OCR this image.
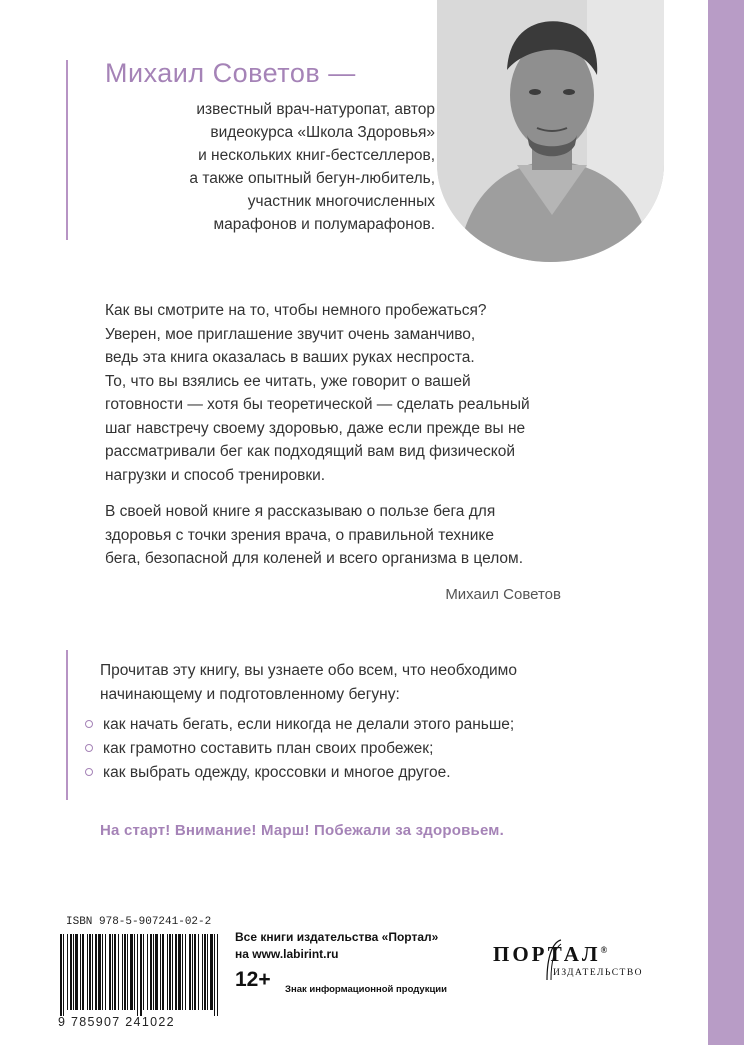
Михаил Советов —
известный врач-натуропат, автор
видеокурса «Школа Здоровья»
и нескольких книг-бестселлеров,
а также опытный бегун-любитель,
участник многочисленных
марафонов и полумарафонов.
Как вы смотрите на то, чтобы немного пробежаться?
Уверен, мое приглашение звучит очень заманчиво,
ведь эта книга оказалась в ваших руках неспроста.
То, что вы взялись ее читать, уже говорит о вашей
готовности — хотя бы теоретической — сделать реальный
шаг навстречу своему здоровью, даже если прежде вы не
рассматривали бег как подходящий вам вид физической
нагрузки и способ тренировки.
В своей новой книге я рассказываю о пользе бега для
здоровья с точки зрения врача, о правильной технике
бега, безопасной для коленей и всего организма в целом.
Михаил Советов
Прочитав эту книгу, вы узнаете обо всем, что необходимо
начинающему и подготовленному бегуну:
как начать бегать, если никогда не делали этого раньше;
как грамотно составить план своих пробежек;
как выбрать одежду, кроссовки и многое другое.
На старт! Внимание! Марш! Побежали за здоровьем.
ISBN 978-5-907241-02-2
9 785907 241022
Все книги издательства «Портал»
на www.labirint.ru
12+ Знак информационной продукции
ПОРТАЛ®
ИЗДАТЕЛЬСТВО
